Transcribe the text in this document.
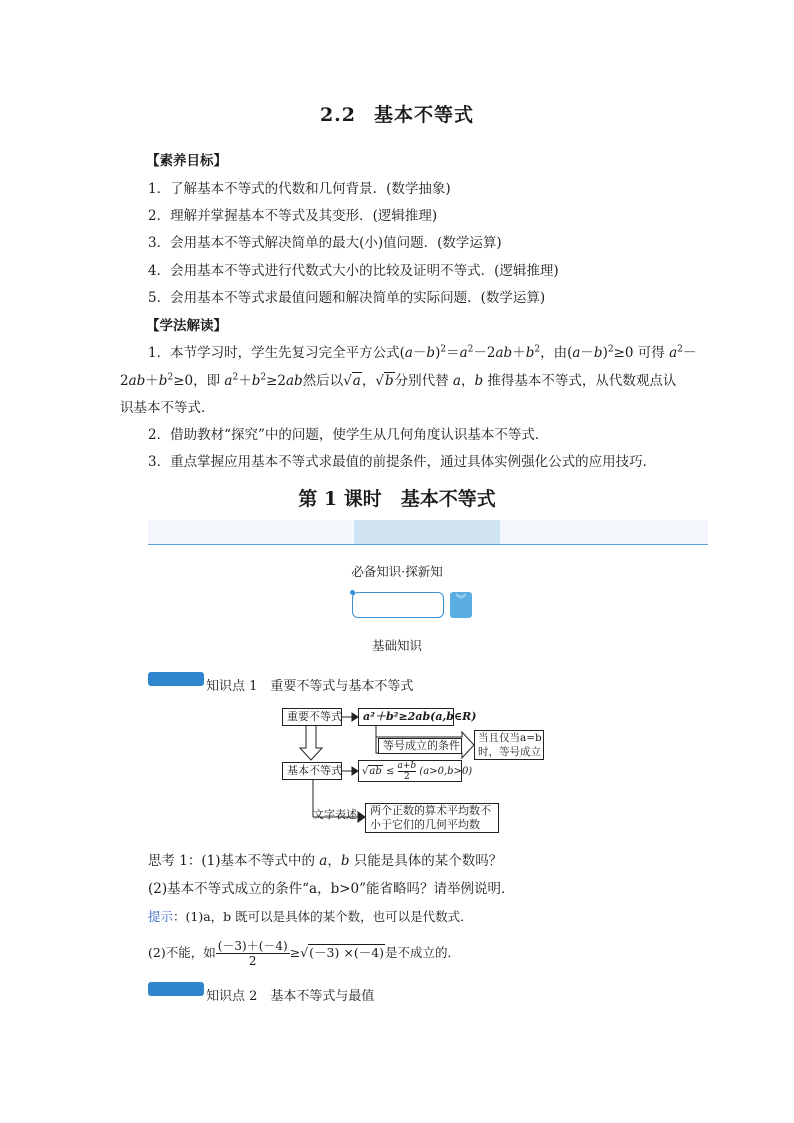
2.2 基本不等式
【素养目标】
1．了解基本不等式的代数和几何背景．(数学抽象)
2．理解并掌握基本不等式及其变形．(逻辑推理)
3．会用基本不等式解决简单的最大(小)值问题．(数学运算)
4．会用基本不等式进行代数式大小的比较及证明不等式．(逻辑推理)
5．会用基本不等式求最值问题和解决简单的实际问题．(数学运算)
【学法解读】
1．本节学习时，学生先复习完全平方公式$(a-b)^2=a^2-2ab+b^2$，由$(a-b)^2\ge 0$ 可得 $a^2-$
$2ab+b^2\ge 0$，即 $a^2+b^2\ge 2ab$然后以√a，√b分别代替 a，b 推得基本不等式，从代数观点认
识基本不等式．
2．借助教材“探究”中的问题，使学生从几何角度认识基本不等式．
3．重点掌握应用基本不等式求最值的前提条件，通过具体实例强化公式的应用技巧．
第 1 课时　基本不等式
必备知识·探新知
︾
基础知识
知识点 1　重要不等式与基本不等式
重要不等式	a²＋b²≥2ab(a,b∈R)
等号成立的条件
当且仅当a=b
时，等号成立
基本不等式	$√ab \le \frac{a+b}{2} (a>0,b>0)$
文字表述	两个正数的算术平均数不
小于它们的几何平均数
思考 1：(1)基本不等式中的 a，b 只能是具体的某个数吗？
(2)基本不等式成立的条件“a，b>0”能省略吗？请举例说明．
提示：(1)a，b 既可以是具体的某个数，也可以是代数式．
(2)不能，如 $\frac{(-3)+(-4)}{2} \ge√(-3) \times(-4)$是不成立的．
知识点 2　基本不等式与最值
